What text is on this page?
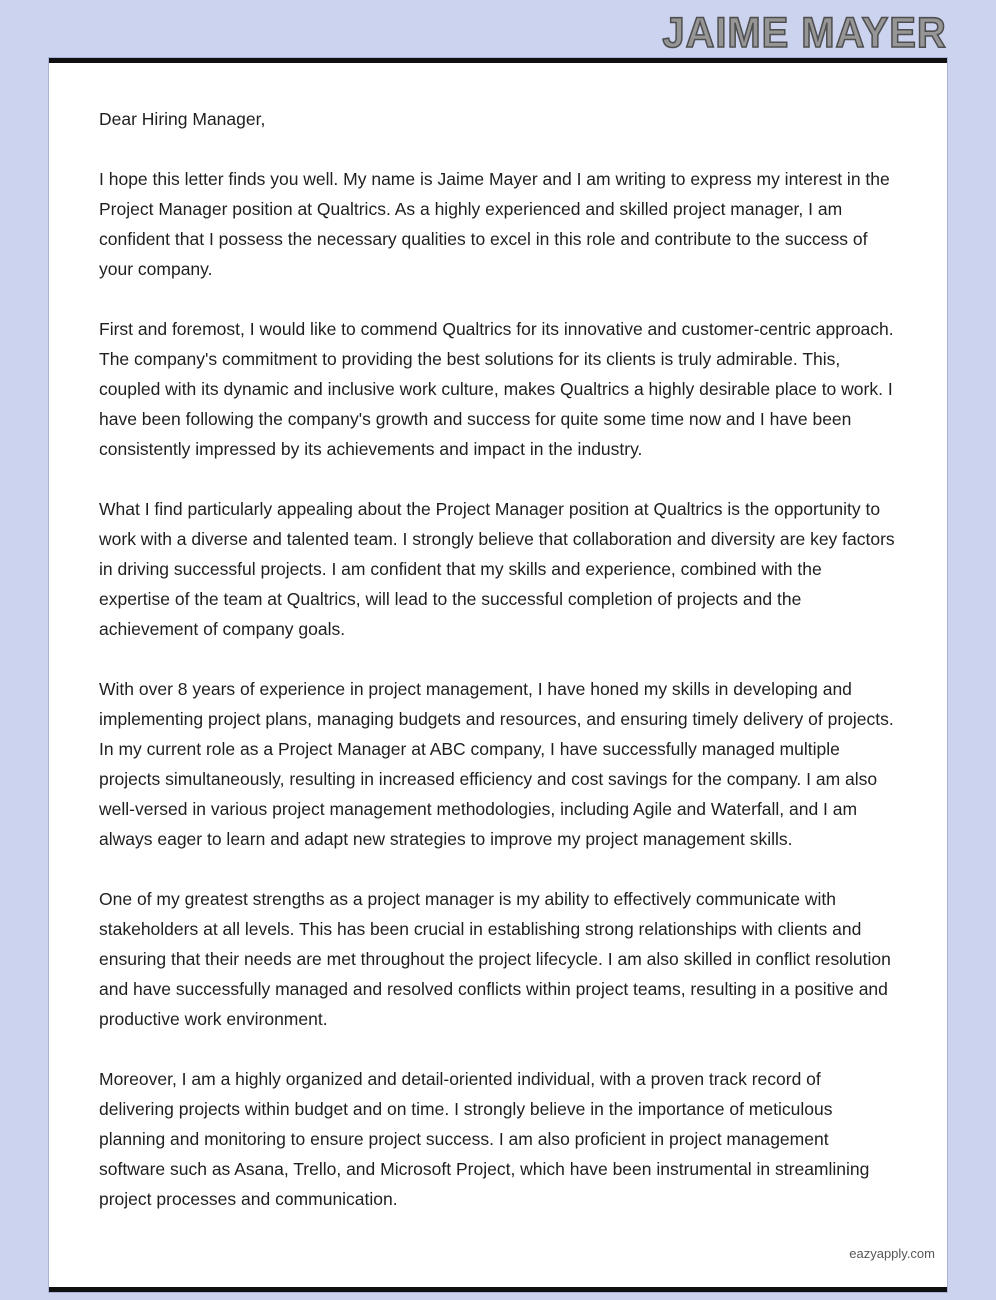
JAIME MAYER

Dear Hiring Manager,

I hope this letter finds you well. My name is Jaime Mayer and I am writing to express my interest in the Project Manager position at Qualtrics. As a highly experienced and skilled project manager, I am confident that I possess the necessary qualities to excel in this role and contribute to the success of your company.

First and foremost, I would like to commend Qualtrics for its innovative and customer-centric approach. The company's commitment to providing the best solutions for its clients is truly admirable. This, coupled with its dynamic and inclusive work culture, makes Qualtrics a highly desirable place to work. I have been following the company's growth and success for quite some time now and I have been consistently impressed by its achievements and impact in the industry.

What I find particularly appealing about the Project Manager position at Qualtrics is the opportunity to work with a diverse and talented team. I strongly believe that collaboration and diversity are key factors in driving successful projects. I am confident that my skills and experience, combined with the expertise of the team at Qualtrics, will lead to the successful completion of projects and the achievement of company goals.

With over 8 years of experience in project management, I have honed my skills in developing and implementing project plans, managing budgets and resources, and ensuring timely delivery of projects. In my current role as a Project Manager at ABC company, I have successfully managed multiple projects simultaneously, resulting in increased efficiency and cost savings for the company. I am also well-versed in various project management methodologies, including Agile and Waterfall, and I am always eager to learn and adapt new strategies to improve my project management skills.

One of my greatest strengths as a project manager is my ability to effectively communicate with stakeholders at all levels. This has been crucial in establishing strong relationships with clients and ensuring that their needs are met throughout the project lifecycle. I am also skilled in conflict resolution and have successfully managed and resolved conflicts within project teams, resulting in a positive and productive work environment.

Moreover, I am a highly organized and detail-oriented individual, with a proven track record of delivering projects within budget and on time. I strongly believe in the importance of meticulous planning and monitoring to ensure project success. I am also proficient in project management software such as Asana, Trello, and Microsoft Project, which have been instrumental in streamlining project processes and communication.

eazyapply.com
